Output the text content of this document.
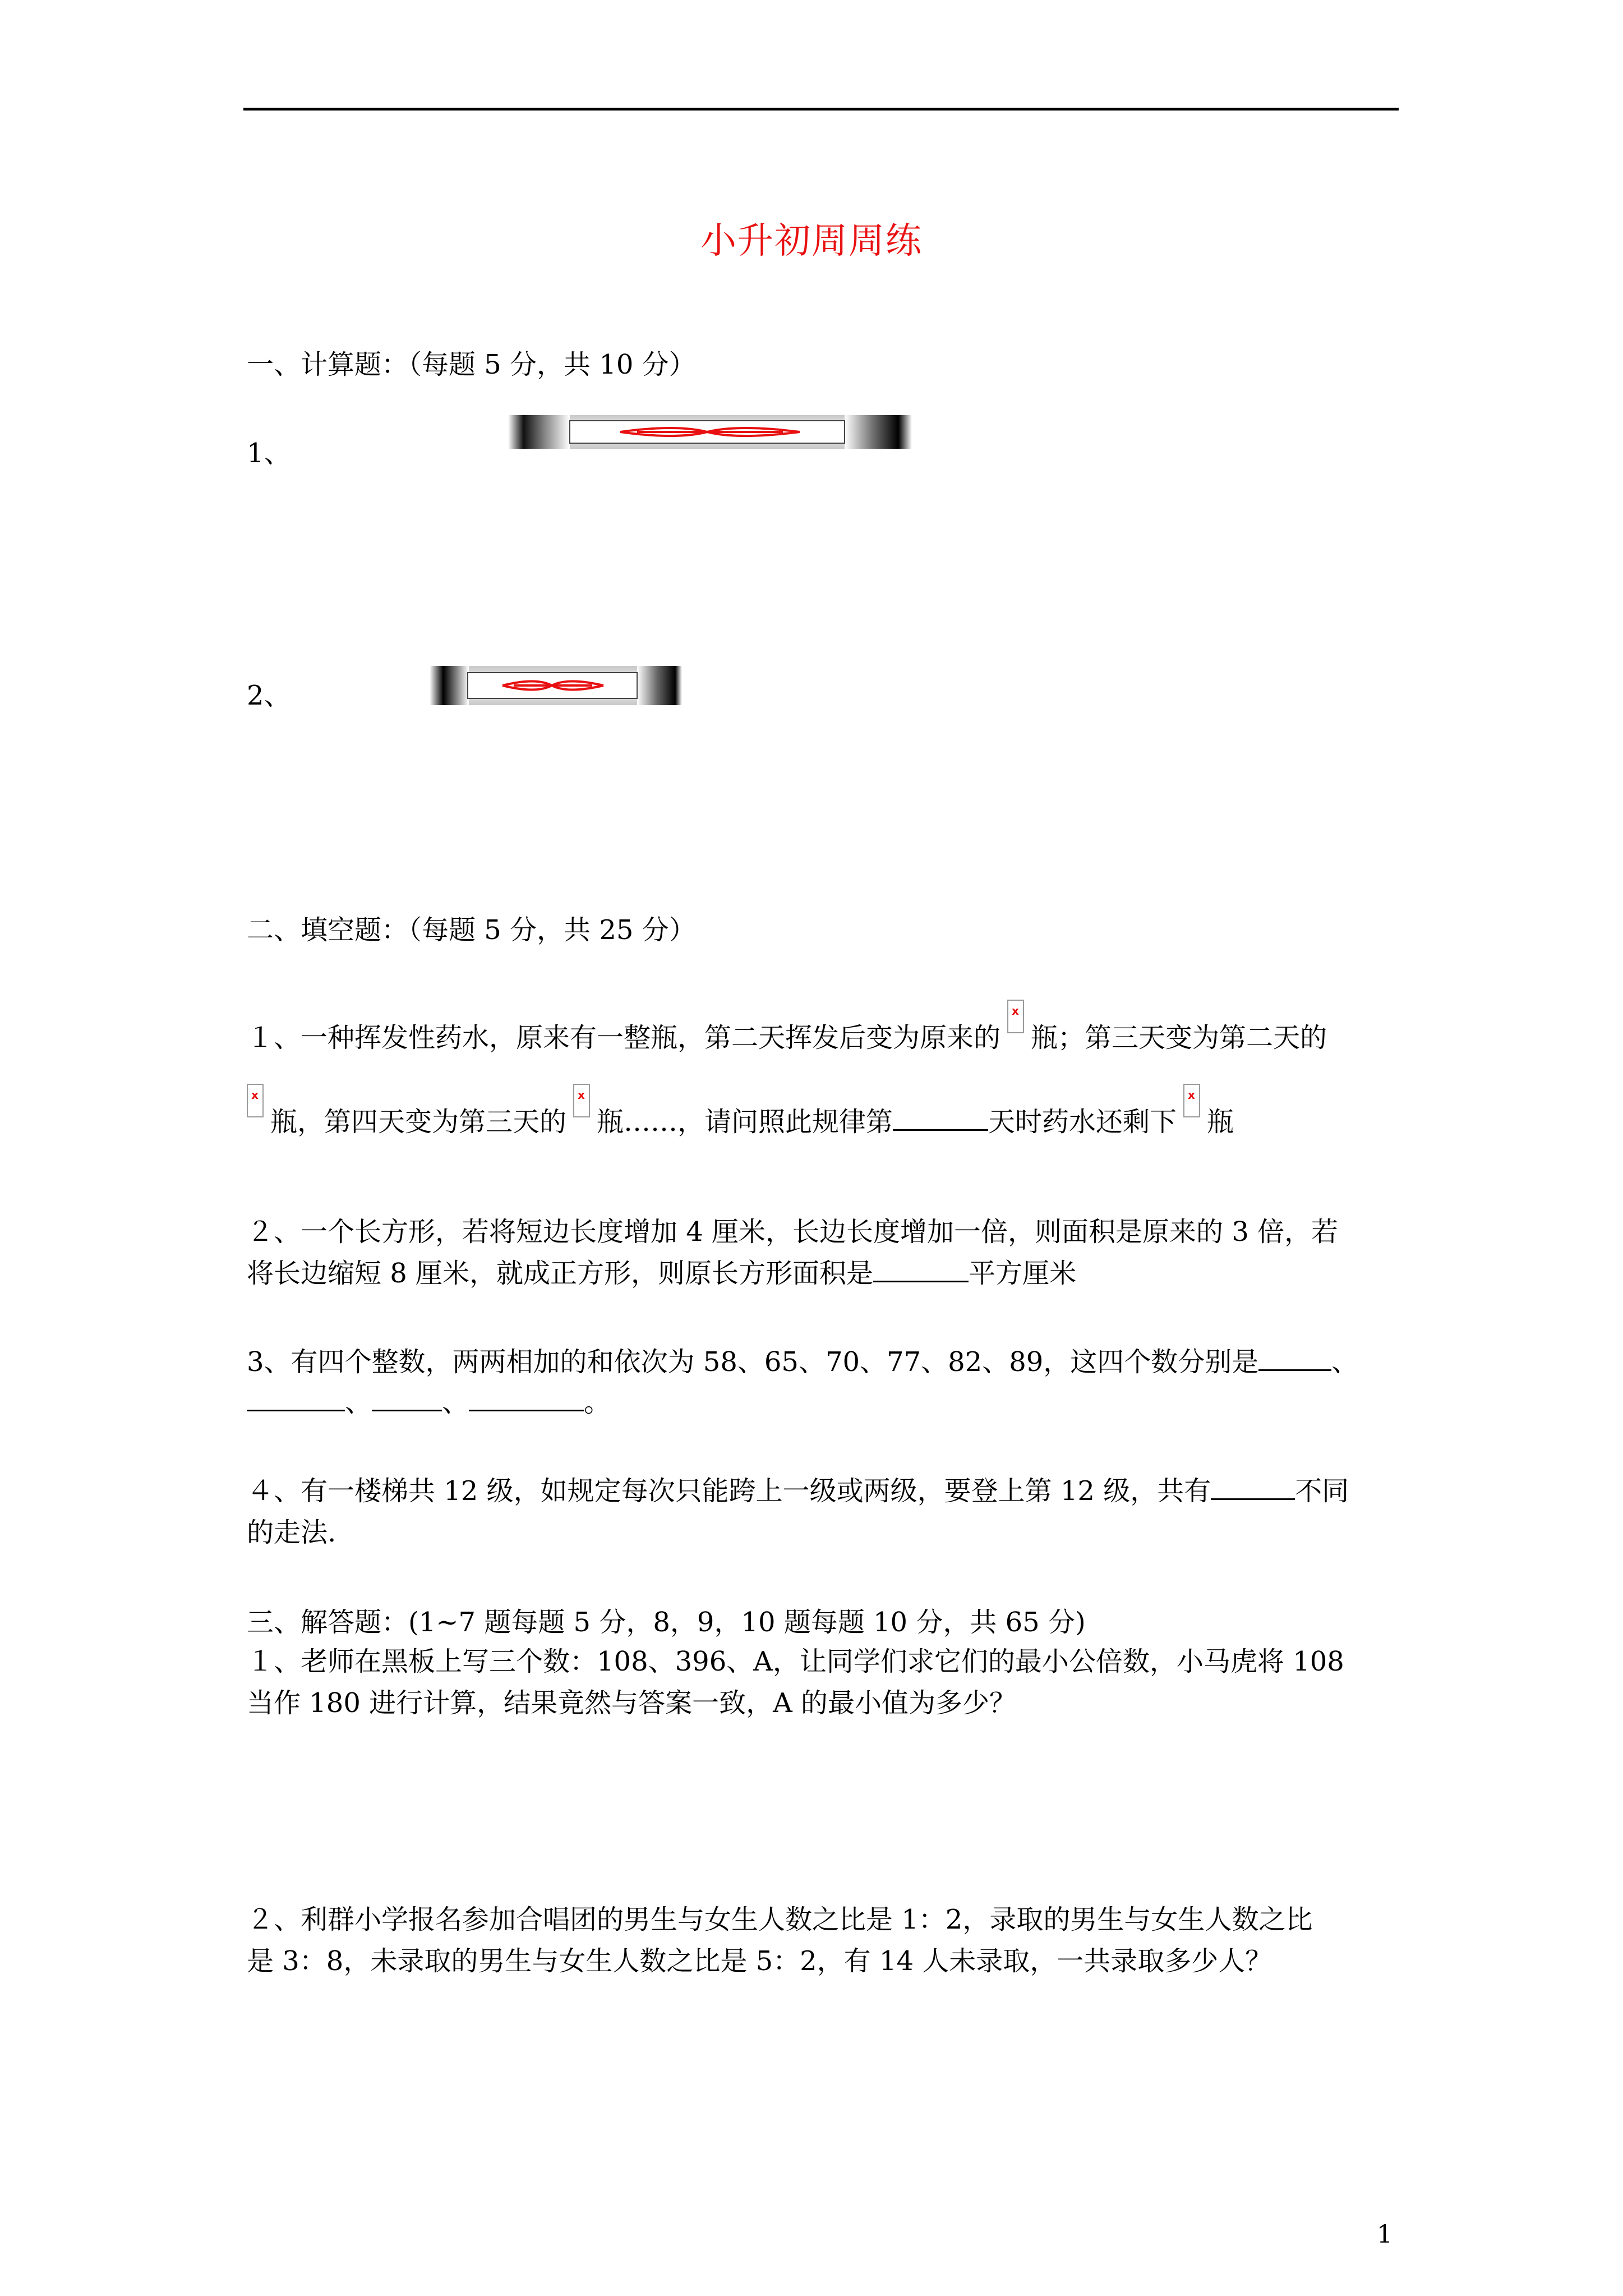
小升初周周练
一、计算题：（每题 5 分，共 10 分）
1、
2、
二、填空题：（每题 5 分，共 25 分）
１、一种挥发性药水，原来有一整瓶，第二天挥发后变为原来的x 瓶；第三天变为第二天的
x瓶，第四天变为第三天的x 瓶……，请问照此规律第	天时药水还剩下x 瓶
２、一个长方形，若将短边长度增加 4 厘米，长边长度增加一倍，则面积是原来的 3 倍，若
将长边缩短 8 厘米，就成正方形，则原长方形面积是	平方厘米
3、有四个整数，两两相加的和依次为 58、65、70、77、82、89，这四个数分别是	、
、	、	。
４、有一楼梯共 12 级，如规定每次只能跨上一级或两级，要登上第 12 级，共有	不同
的走法.
三、解答题：(1~7 题每题 5 分，8，9，10 题每题 10 分，共 65 分)
１、老师在黑板上写三个数：108、396、A，让同学们求它们的最小公倍数，小马虎将 108
当作 180 进行计算，结果竟然与答案一致，A 的最小值为多少？
２、利群小学报名参加合唱团的男生与女生人数之比是 1：2，录取的男生与女生人数之比
是 3：8，未录取的男生与女生人数之比是 5：2，有 14 人未录取，一共录取多少人？
1
